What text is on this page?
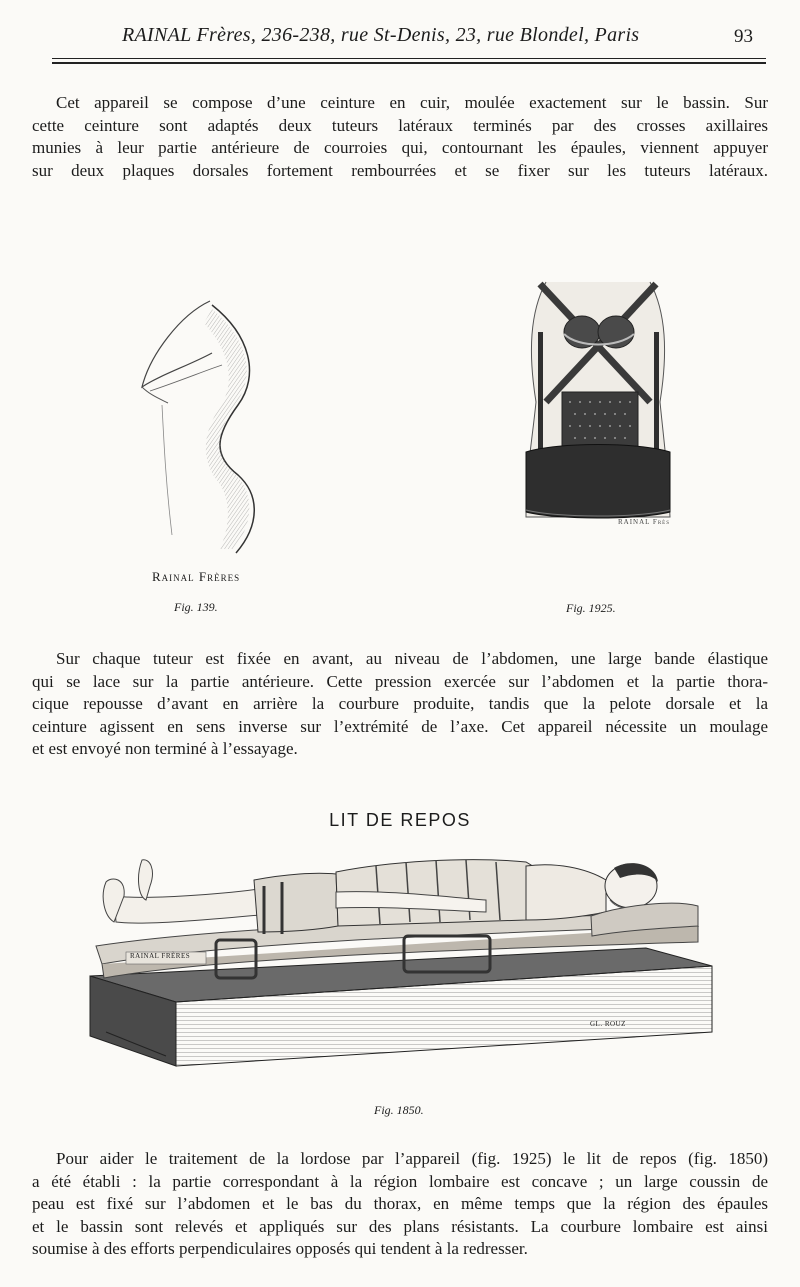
RAINAL Frères, 236-238, rue St-Denis, 23, rue Blondel, Paris	93

Cet appareil se compose d’une ceinture en cuir, moulée exactement sur le bassin. Sur
cette ceinture sont adaptés deux tuteurs latéraux terminés par des crosses axillaires
munies à leur partie antérieure de courroies qui, contournant les épaules, viennent appuyer
sur deux plaques dorsales fortement rembourrées et se fixer sur les tuteurs latéraux.

Rainal Frères
Fig. 139.
RAINAL Frès
Fig. 1925.

Sur chaque tuteur est fixée en avant, au niveau de l’abdomen, une large bande élastique
qui se lace sur la partie antérieure. Cette pression exercée sur l’abdomen et la partie thora-
cique repousse d’avant en arrière la courbure produite, tandis que la pelote dorsale et la
ceinture agissent en sens inverse sur l’extrémité de l’axe. Cet appareil nécessite un moulage
et est envoyé non terminé à l’essayage.

LIT DE REPOS
RAINAL FRÈRES
GL. ROUZ
Fig. 1850.

Pour aider le traitement de la lordose par l’appareil (fig. 1925) le lit de repos (fig. 1850)
a été établi : la partie correspondant à la région lombaire est concave ; un large coussin de
peau est fixé sur l’abdomen et le bas du thorax, en même temps que la région des épaules
et le bassin sont relevés et appliqués sur des plans résistants. La courbure lombaire est ainsi
soumise à des efforts perpendiculaires opposés qui tendent à la redresser.
